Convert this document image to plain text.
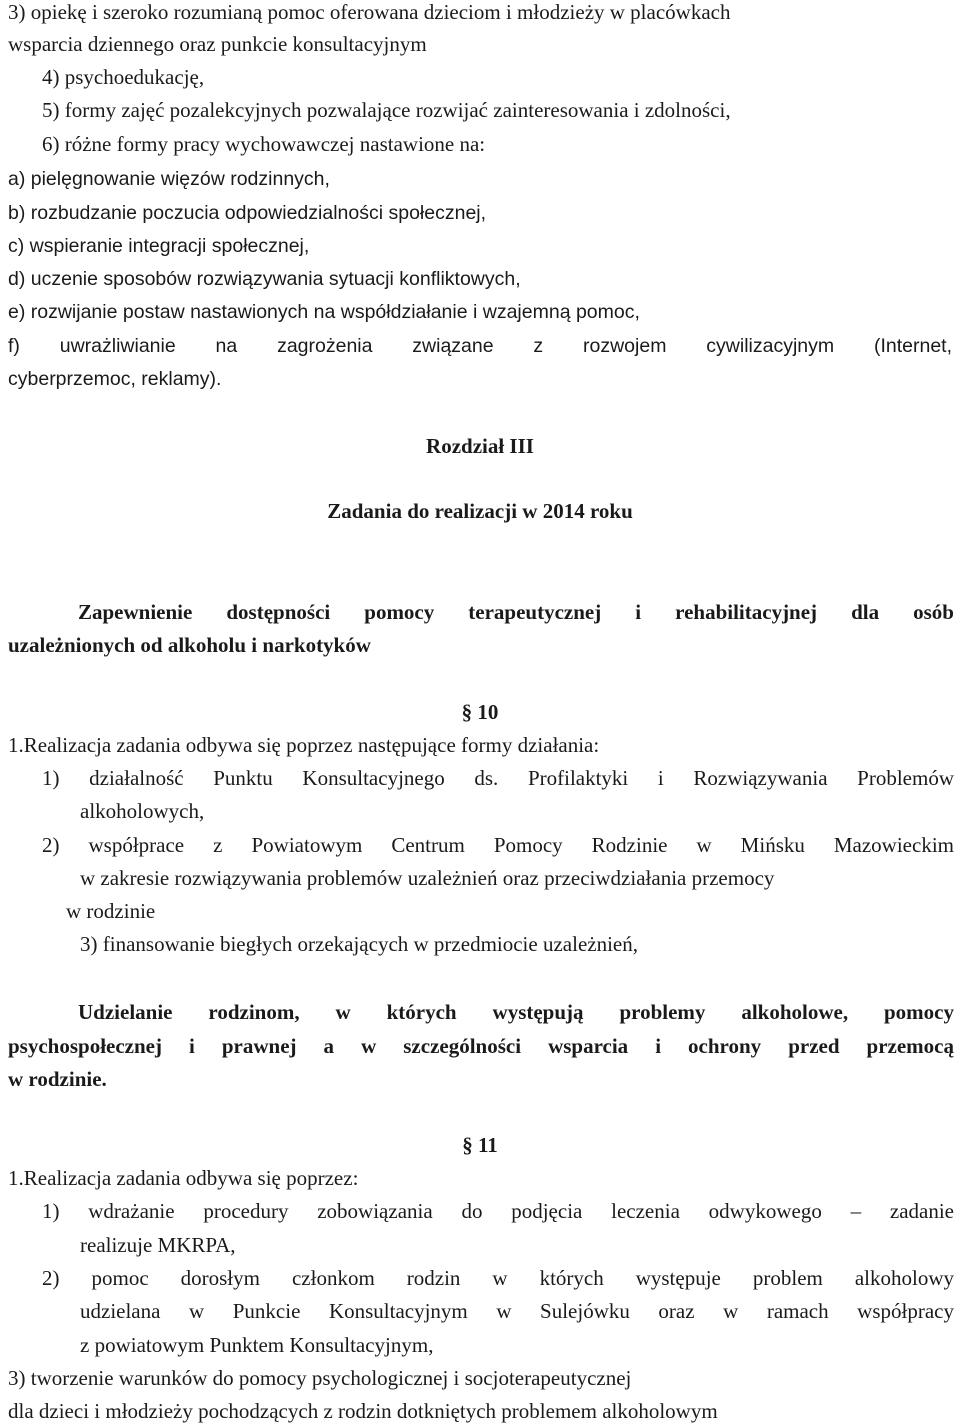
3) opiekę i szeroko rozumianą pomoc oferowana dzieciom i młodzieży w placówkach
wsparcia dziennego oraz punkcie konsultacyjnym
4) psychoedukację,
5) formy zajęć pozalekcyjnych pozwalające rozwijać zainteresowania i zdolności,
6) różne formy pracy wychowawczej nastawione na:
a) pielęgnowanie więzów rodzinnych,
b) rozbudzanie poczucia odpowiedzialności społecznej,
c) wspieranie integracji społecznej,
d) uczenie sposobów rozwiązywania sytuacji konfliktowych,
e) rozwijanie postaw nastawionych na współdziałanie i wzajemną pomoc,
f) uwrażliwianie na zagrożenia związane z rozwojem cywilizacyjnym (Internet,
cyberprzemoc, reklamy).
Rozdział III
Zadania do realizacji w 2014 roku
Zapewnienie dostępności pomocy terapeutycznej i rehabilitacyjnej dla osób
uzależnionych od alkoholu i narkotyków
§ 10
1.Realizacja zadania odbywa się poprzez następujące formy działania:
1) działalność Punktu Konsultacyjnego ds. Profilaktyki i Rozwiązywania Problemów
alkoholowych,
2) współprace z Powiatowym Centrum Pomocy Rodzinie w Mińsku Mazowieckim
w zakresie rozwiązywania problemów uzależnień oraz przeciwdziałania przemocy
w rodzinie
3) finansowanie biegłych orzekających w przedmiocie uzależnień,
Udzielanie rodzinom, w których występują problemy alkoholowe, pomocy
psychospołecznej i prawnej a w szczególności wsparcia i ochrony przed przemocą
w rodzinie.
§ 11
1.Realizacja zadania odbywa się poprzez:
1) wdrażanie procedury zobowiązania do podjęcia leczenia odwykowego – zadanie
realizuje MKRPA,
2) pomoc dorosłym członkom rodzin w których występuje problem alkoholowy
udzielana w Punkcie Konsultacyjnym w Sulejówku oraz w ramach współpracy
z powiatowym Punktem Konsultacyjnym,
3) tworzenie warunków do pomocy psychologicznej i socjoterapeutycznej
dla dzieci i młodzieży pochodzących z rodzin dotkniętych problemem alkoholowym
